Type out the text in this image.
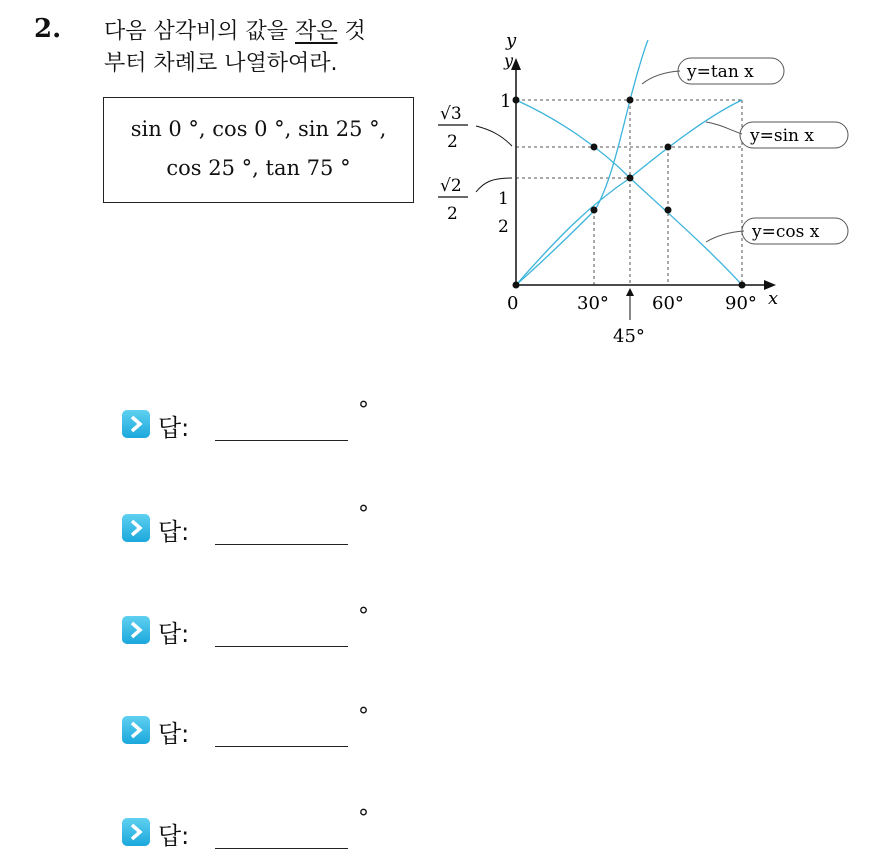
2. 다음 삼각비의 값을 작은 것
부터 차례로 나열하여라.
sin 0 °, cos 0 °, sin 25 °,
cos 25 °, tan 75 °
y
y
x
1
√3
2
√2
2
1
2
0	30° 60° 90°
45°
y=tan x
y=sin x
y=cos x
답:
°
답:
°
답:
°
답:
°
답:
°
